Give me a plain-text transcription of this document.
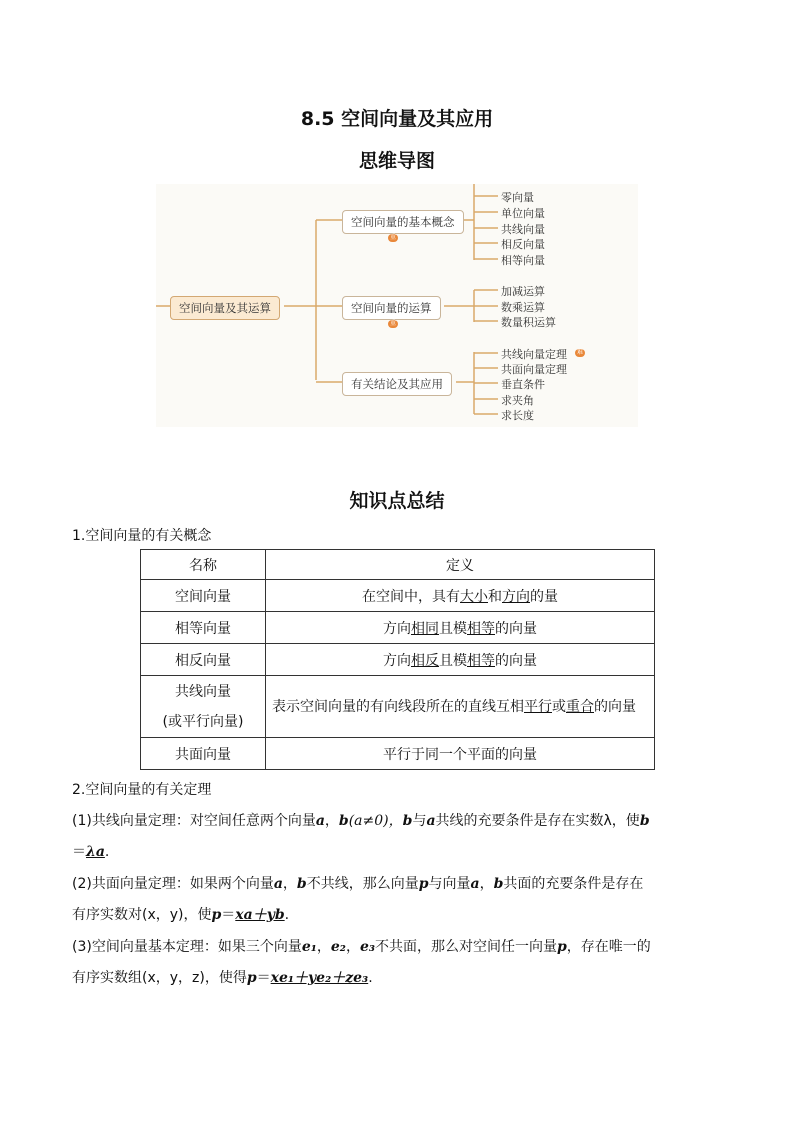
8.5 空间向量及其应用
思维导图
空间向量及其运算
空间向量的基本概念
重
空间向量的运算
重
有关结论及其应用
零向量
单位向量
共线向量
相反向量
相等向量
加减运算
数乘运算
数量积运算
共线向量定理	难
共面向量定理
垂直条件
求夹角
求长度
知识点总结
1.空间向量的有关概念
名称	定义
空间向量	在空间中，具有大小和方向的量
相等向量	方向相同且模相等的向量
相反向量	方向相反且模相等的向量

共线向量
(或平行向量)	表示空间向量的有向线段所在的直线互相平行或重合的向量
共面向量	平行于同一个平面的向量
2.空间向量的有关定理
(1)共线向量定理：对空间任意两个向量a，b(a≠0)，b与a共线的充要条件是存在实数λ，使b
＝λa.
(2)共面向量定理：如果两个向量a，b不共线，那么向量p与向量a，b共面的充要条件是存在
有序实数对(x，y)，使p＝xa＋yb.
(3)空间向量基本定理：如果三个向量e₁，e₂，e₃不共面，那么对空间任一向量p，存在唯一的
有序实数组(x，y，z)，使得p＝xe₁＋ye₂＋ze₃.
